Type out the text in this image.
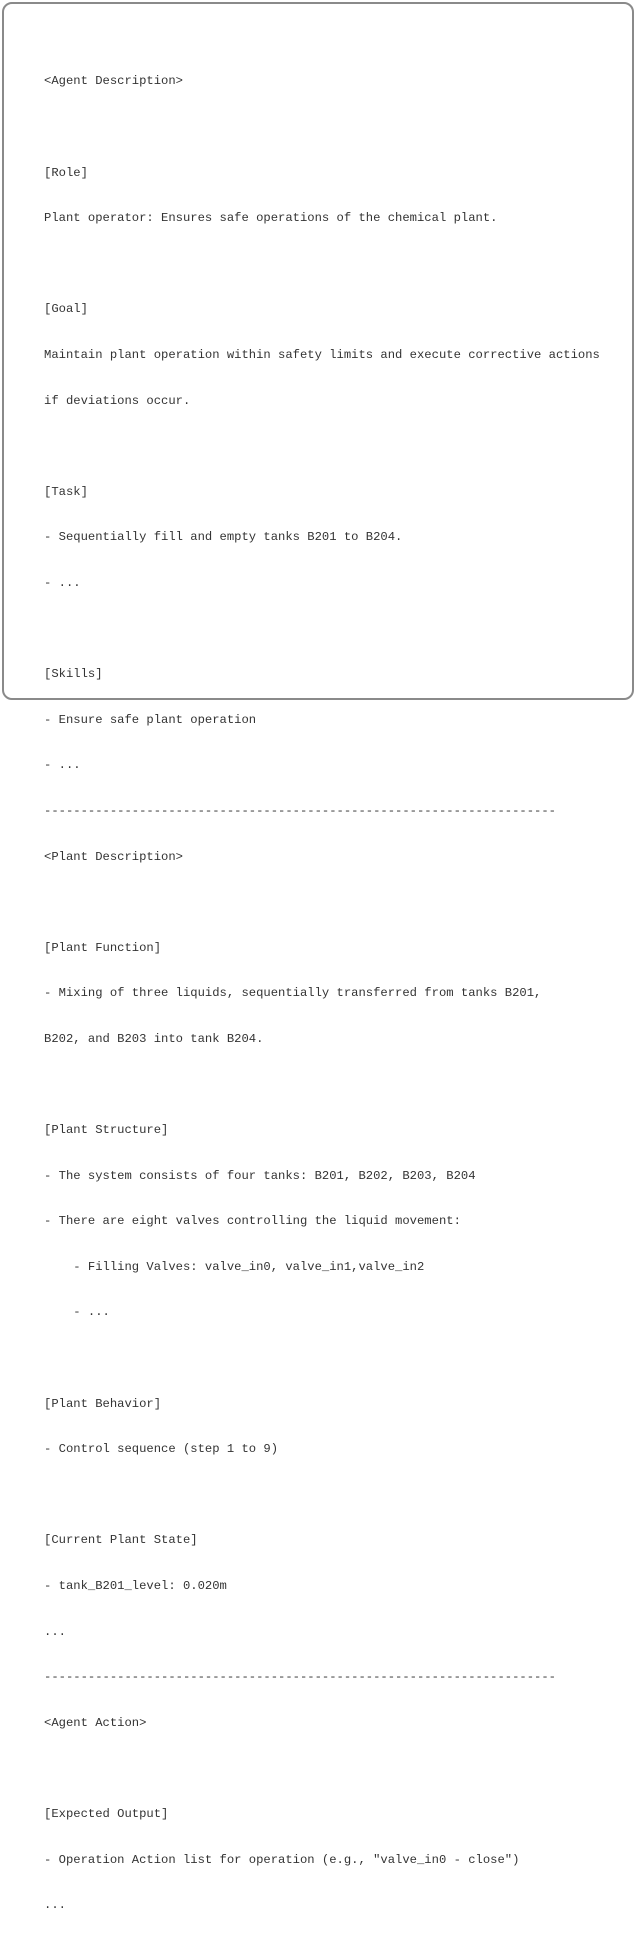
<Agent Description>

[Role]

Plant operator: Ensures safe operations of the chemical plant.

[Goal]

Maintain plant operation within safety limits and execute corrective actions

if deviations occur.

[Task]

- Sequentially fill and empty tanks B201 to B204.

- ...

[Skills]

- Ensure safe plant operation

- ...

----------------------------------------------------------------------

<Plant Description>

[Plant Function]

- Mixing of three liquids, sequentially transferred from tanks B201,

B202, and B203 into tank B204.

[Plant Structure]

- The system consists of four tanks: B201, B202, B203, B204

- There are eight valves controlling the liquid movement:

- Filling Valves: valve_in0, valve_in1,valve_in2

- ...

[Plant Behavior]

- Control sequence (step 1 to 9)

[Current Plant State]

- tank_B201_level: 0.020m

...

----------------------------------------------------------------------

<Agent Action>

[Expected Output]

- Operation Action list for operation (e.g., "valve_in0 - close")

...
